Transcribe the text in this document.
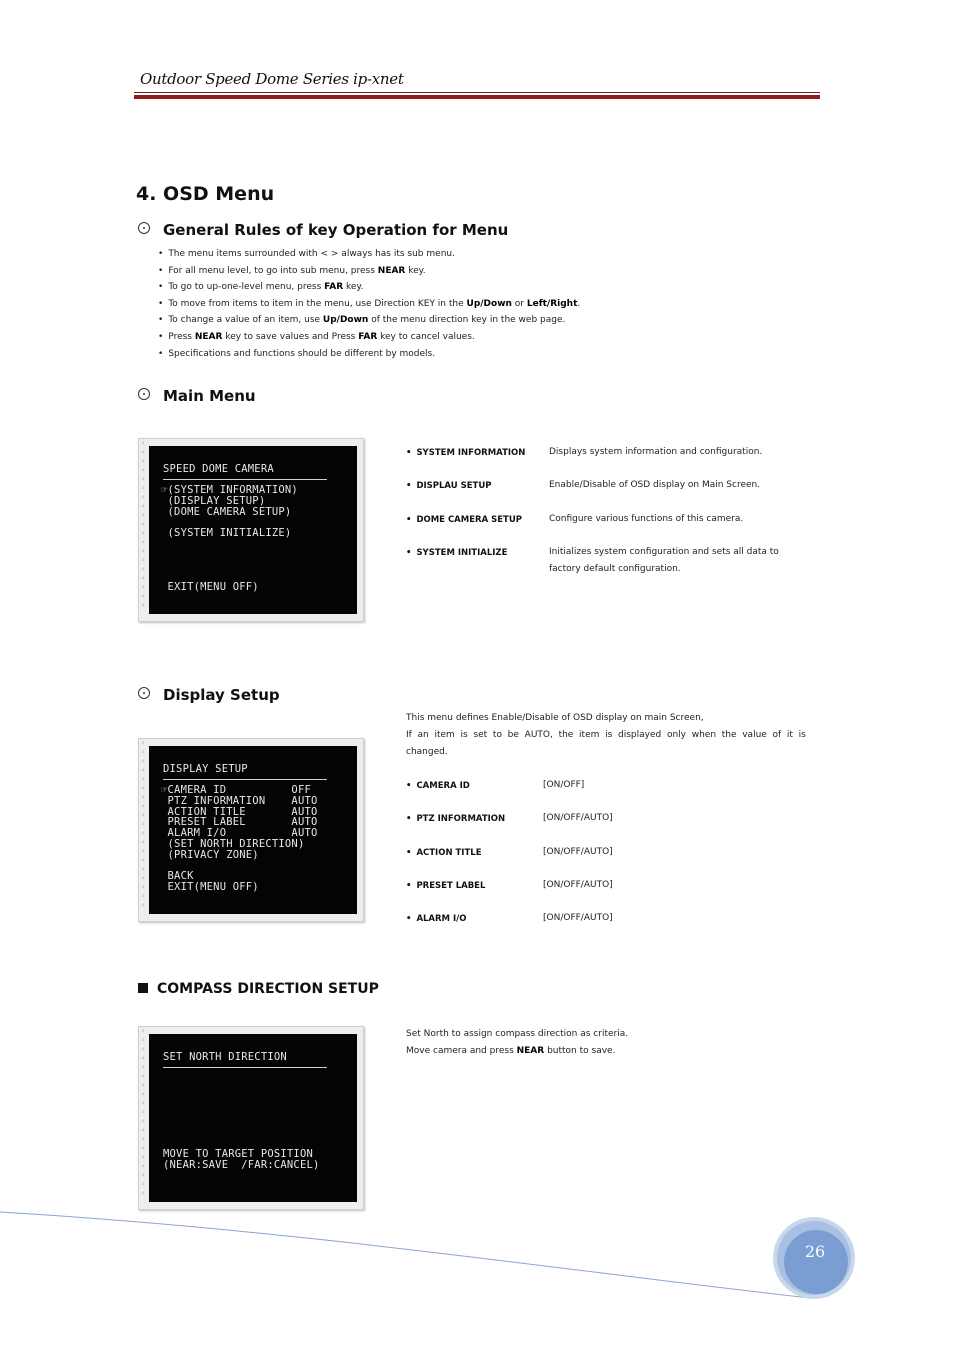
Outdoor Speed Dome Series ip-xnet
4. OSD Menu
General Rules of key Operation for Menu
• The menu items surrounded with < > always has its sub menu.
• For all menu level, to go into sub menu, press NEAR key.
• To go to up-one-level menu, press FAR key.
• To move from items to item in the menu, use Direction KEY in the Up/Down or Left/Right.
• To change a value of an item, use Up/Down of the menu direction key in the web page.
• Press NEAR key to save values and Press FAR key to cancel values.
• Specifications and functions should be different by models.
Main Menu
‹
‹
‹
‹
‹
‹
‹
‹
‹
‹
‹
‹
‹
‹
‹
‹
‹
‹
‹

SPEED DOME CAMERA

☞(SYSTEM INFORMATION)
(DISPLAY SETUP)
(DOME CAMERA SETUP)
(SYSTEM INITIALIZE)
EXIT(MENU OFF)
• SYSTEM INFORMATION	Displays system information and configuration.
• DISPLAU SETUP	Enable/Disable of OSD display on Main Screen.
• DOME CAMERA SETUP	Configure various functions of this camera.
• SYSTEM INITIALIZE	Initializes system configuration and sets all data to
factory default configuration.
Display Setup
This menu defines Enable/Disable of OSD display on main Screen,
If  an  item  is  set  to  be  AUTO,  the  item  is  displayed  only  when  the  value  of  it  is
changed.
‹
‹
‹
‹
‹
‹
‹
‹
‹
‹
‹
‹
‹
‹
‹
‹
‹
‹
‹

DISPLAY SETUP

☞CAMERA ID          OFF
PTZ INFORMATION    AUTO
ACTION TITLE       AUTO
PRESET LABEL       AUTO
ALARM I/O          AUTO
(SET NORTH DIRECTION)
(PRIVACY ZONE)
BACK
EXIT(MENU OFF)
• CAMERA ID	[ON/OFF]
• PTZ INFORMATION	[ON/OFF/AUTO]
• ACTION TITLE	[ON/OFF/AUTO]
• PRESET LABEL	[ON/OFF/AUTO]
• ALARM I/O	[ON/OFF/AUTO]
COMPASS DIRECTION SETUP
‹
‹
‹
‹
‹
‹
‹
‹
‹
‹
‹
‹
‹
‹
‹
‹
‹
‹
‹

SET NORTH DIRECTION

MOVE TO TARGET POSITION

(NEAR:SAVE  /FAR:CANCEL)

Set North to assign compass direction as criteria.
Move camera and press NEAR button to save.
26
